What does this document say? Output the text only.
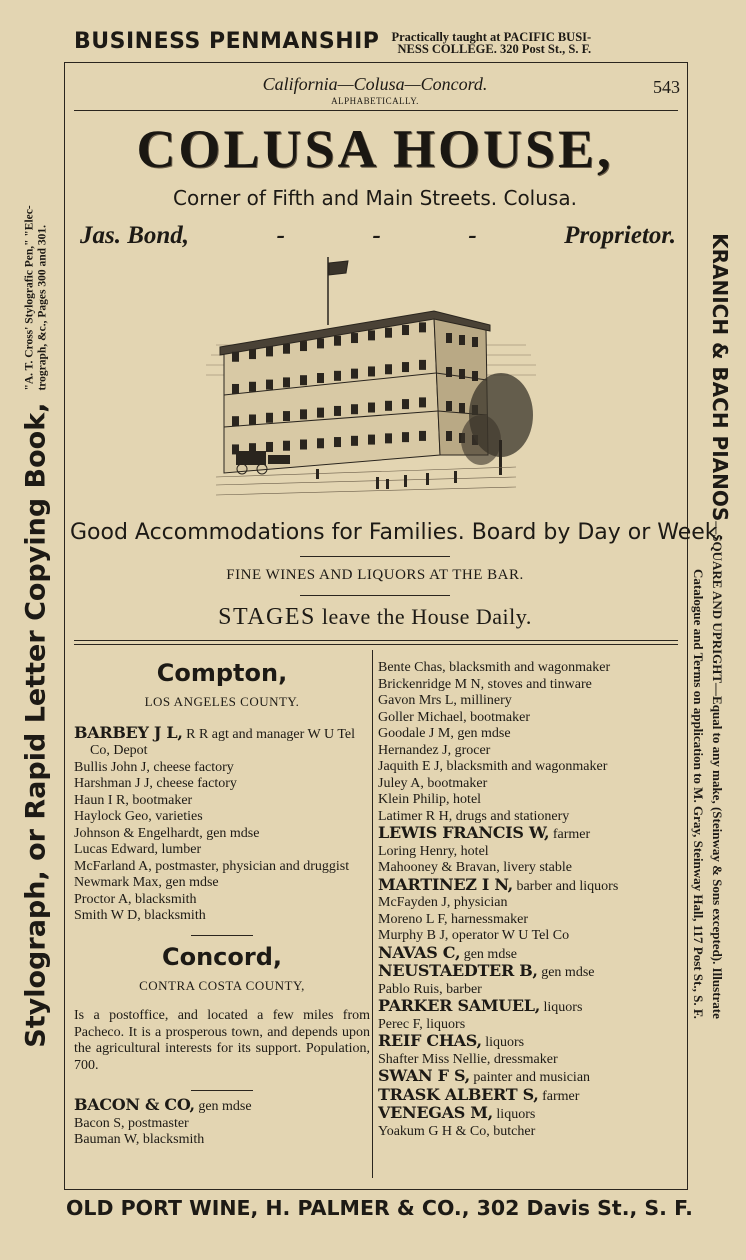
BUSINESS PENMANSHIP Practically taught at PACIFIC BUSI-
NESS COLLEGE. 320 Post St., S. F.
Stylograph, or Rapid Letter Copying Book,
"A. T. Cross' Stylografic Pen," "Elec- trograph, &c., Pages 300 and 301.	KRANICH & BACH PIANOS—SQUARE AND UPRIGHT—Equal to any make, (Steinway & Sons excepted). Illustrate
Catalogue and Terms on application to M. Gray, Steinway Hall, 117 Post St., S. F.
OLD PORT WINE, H. PALMER & CO., 302 Davis St., S. F.
California—Colusa—Concord.	543
ALPHABETICALLY.
COLUSA HOUSE,
Corner of Fifth and Main Streets. Colusa.
Jas. Bond,	-	-	-	Proprietor.
Good Accommodations for Families. Board by Day or Week.
FINE WINES AND LIQUORS AT THE BAR.
STAGES leave the House Daily.
Compton,
LOS ANGELES COUNTY.
BARBEY J L, R R agt and manager W U Tel Co, Depot
Bullis John J, cheese factory
Harshman J J, cheese factory
Haun I R, bootmaker
Haylock Geo, varieties
Johnson & Engelhardt, gen mdse
Lucas Edward, lumber
McFarland A, postmaster, physician and druggist
Newmark Max, gen mdse
Proctor A, blacksmith
Smith W D, blacksmith
Concord,
CONTRA COSTA COUNTY,
Is a postoffice, and located a few miles from Pacheco. It is a prosperous town, and depends upon the agricultural interests for its support. Population, 700.
BACON & CO, gen mdse
Bacon S, postmaster
Bauman W, blacksmith
Bente Chas, blacksmith and wagonmaker
Brickenridge M N, stoves and tinware
Gavon Mrs L, millinery
Goller Michael, bootmaker
Goodale J M, gen mdse
Hernandez J, grocer
Jaquith E J, blacksmith and wagonmaker
Juley A, bootmaker
Klein Philip, hotel
Latimer R H, drugs and stationery
LEWIS FRANCIS W, farmer
Loring Henry, hotel
Mahooney & Bravan, livery stable
MARTINEZ I N, barber and liquors
McFayden J, physician
Moreno L F, harnessmaker
Murphy B J, operator W U Tel Co
NAVAS C, gen mdse
NEUSTAEDTER B, gen mdse
Pablo Ruis, barber
PARKER SAMUEL, liquors
Perec F, liquors
REIF CHAS, liquors
Shafter Miss Nellie, dressmaker
SWAN F S, painter and musician
TRASK ALBERT S, farmer
VENEGAS M, liquors
Yoakum G H & Co, butcher
